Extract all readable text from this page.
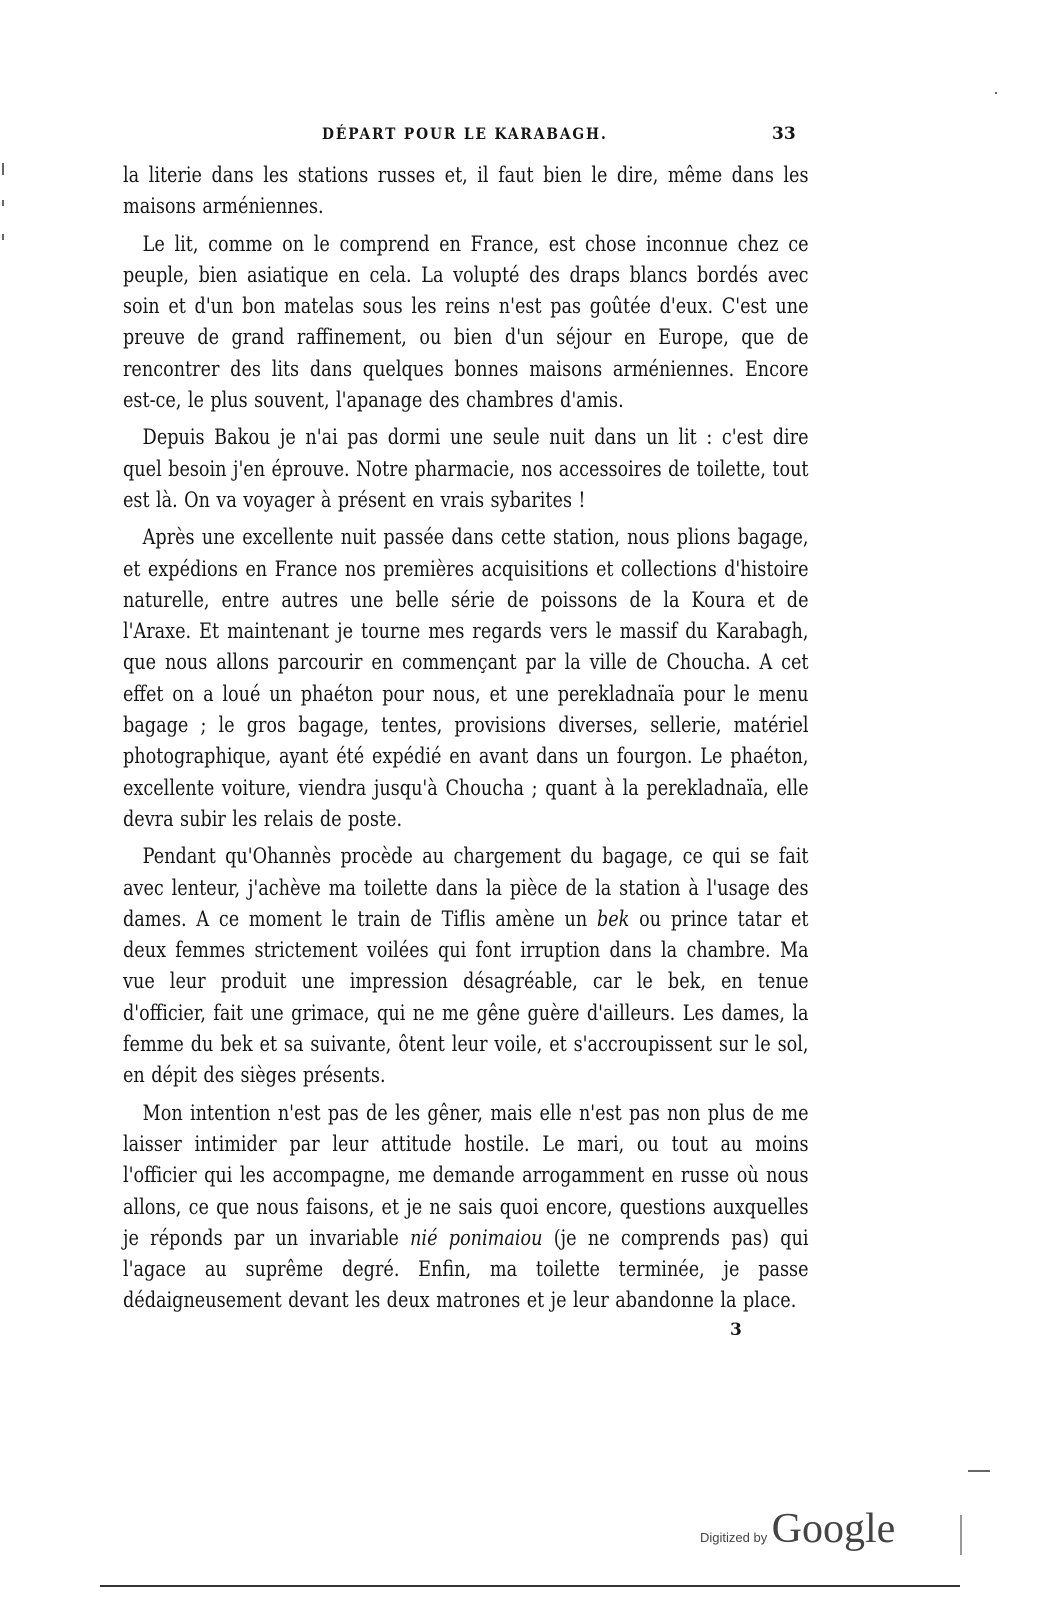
DÉPART POUR LE KARABAGH.	33

la literie dans les stations russes et, il faut bien le dire, même dans les maisons arméniennes.

Le lit, comme on le comprend en France, est chose inconnue chez ce peuple, bien asiatique en cela. La volupté des draps blancs bordés avec soin et d'un bon matelas sous les reins n'est pas goûtée d'eux. C'est une preuve de grand raffinement, ou bien d'un séjour en Europe, que de rencontrer des lits dans quelques bonnes maisons arméniennes. Encore est-ce, le plus souvent, l'apanage des chambres d'amis.

Depuis Bakou je n'ai pas dormi une seule nuit dans un lit : c'est dire quel besoin j'en éprouve. Notre pharmacie, nos accessoires de toilette, tout est là. On va voyager à présent en vrais sybarites !

Après une excellente nuit passée dans cette station, nous plions bagage, et expédions en France nos premières acquisitions et collections d'histoire naturelle, entre autres une belle série de poissons de la Koura et de l'Araxe. Et maintenant je tourne mes regards vers le massif du Karabagh, que nous allons parcourir en commençant par la ville de Choucha. A cet effet on a loué un phaéton pour nous, et une perekladnaïa pour le menu bagage ; le gros bagage, tentes, provisions diverses, sellerie, matériel photographique, ayant été expédié en avant dans un fourgon. Le phaéton, excellente voiture, viendra jusqu'à Choucha ; quant à la perekladnaïa, elle devra subir les relais de poste.

Pendant qu'Ohannès procède au chargement du bagage, ce qui se fait avec lenteur, j'achève ma toilette dans la pièce de la station à l'usage des dames. A ce moment le train de Tiflis amène un bek ou prince tatar et deux femmes strictement voilées qui font irruption dans la chambre. Ma vue leur produit une impression désagréable, car le bek, en tenue d'officier, fait une grimace, qui ne me gêne guère d'ailleurs. Les dames, la femme du bek et sa suivante, ôtent leur voile, et s'accroupissent sur le sol, en dépit des sièges présents.

Mon intention n'est pas de les gêner, mais elle n'est pas non plus de me laisser intimider par leur attitude hostile. Le mari, ou tout au moins l'officier qui les accompagne, me demande arrogamment en russe où nous allons, ce que nous faisons, et je ne sais quoi encore, questions auxquelles je réponds par un invariable nié ponimaiou (je ne comprends pas) qui l'agace au suprême degré. Enfin, ma toilette terminée, je passe dédaigneusement devant les deux matrones et je leur abandonne la place.

3
Digitized by Google
